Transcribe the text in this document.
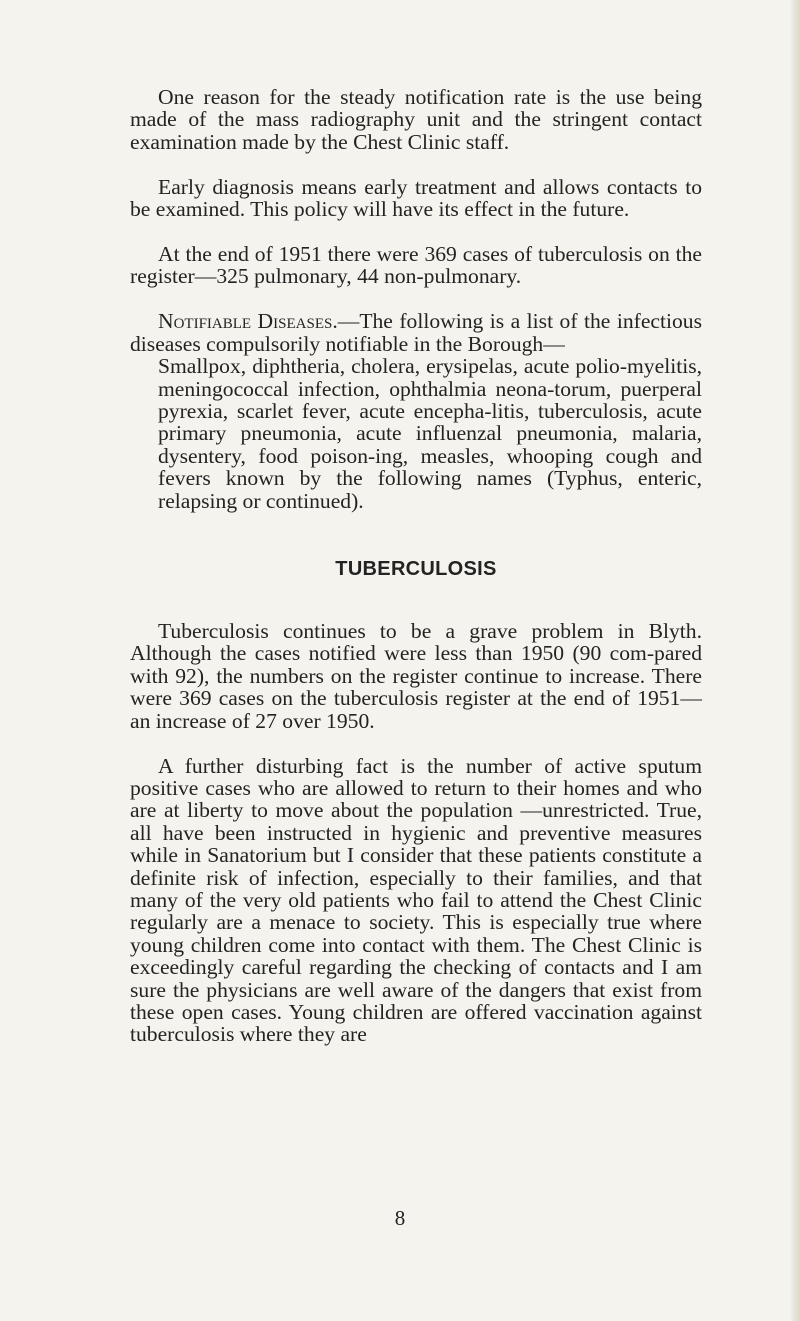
One reason for the steady notification rate is the use being made of the mass radiography unit and the stringent contact examination made by the Chest Clinic staff.

Early diagnosis means early treatment and allows contacts to be examined. This policy will have its effect in the future.

At the end of 1951 there were 369 cases of tuberculosis on the register—325 pulmonary, 44 non-pulmonary.

Notifiable Diseases.—The following is a list of the infectious diseases compulsorily notifiable in the Borough—

Smallpox, diphtheria, cholera, erysipelas, acute polio-myelitis, meningococcal infection, ophthalmia neona-torum, puerperal pyrexia, scarlet fever, acute encepha-litis, tuberculosis, acute primary pneumonia, acute influenzal pneumonia, malaria, dysentery, food poison-ing, measles, whooping cough and fevers known by the following names (Typhus, enteric, relapsing or continued).

TUBERCULOSIS

Tuberculosis continues to be a grave problem in Blyth. Although the cases notified were less than 1950 (90 com-pared with 92), the numbers on the register continue to increase. There were 369 cases on the tuberculosis register at the end of 1951—an increase of 27 over 1950.

A further disturbing fact is the number of active sputum positive cases who are allowed to return to their homes and who are at liberty to move about the population —unrestricted. True, all have been instructed in hygienic and preventive measures while in Sanatorium but I consider that these patients constitute a definite risk of infection, especially to their families, and that many of the very old patients who fail to attend the Chest Clinic regularly are a menace to society. This is especially true where young children come into contact with them. The Chest Clinic is exceedingly careful regarding the checking of contacts and I am sure the physicians are well aware of the dangers that exist from these open cases. Young children are offered vaccination against tuberculosis where they are

8
